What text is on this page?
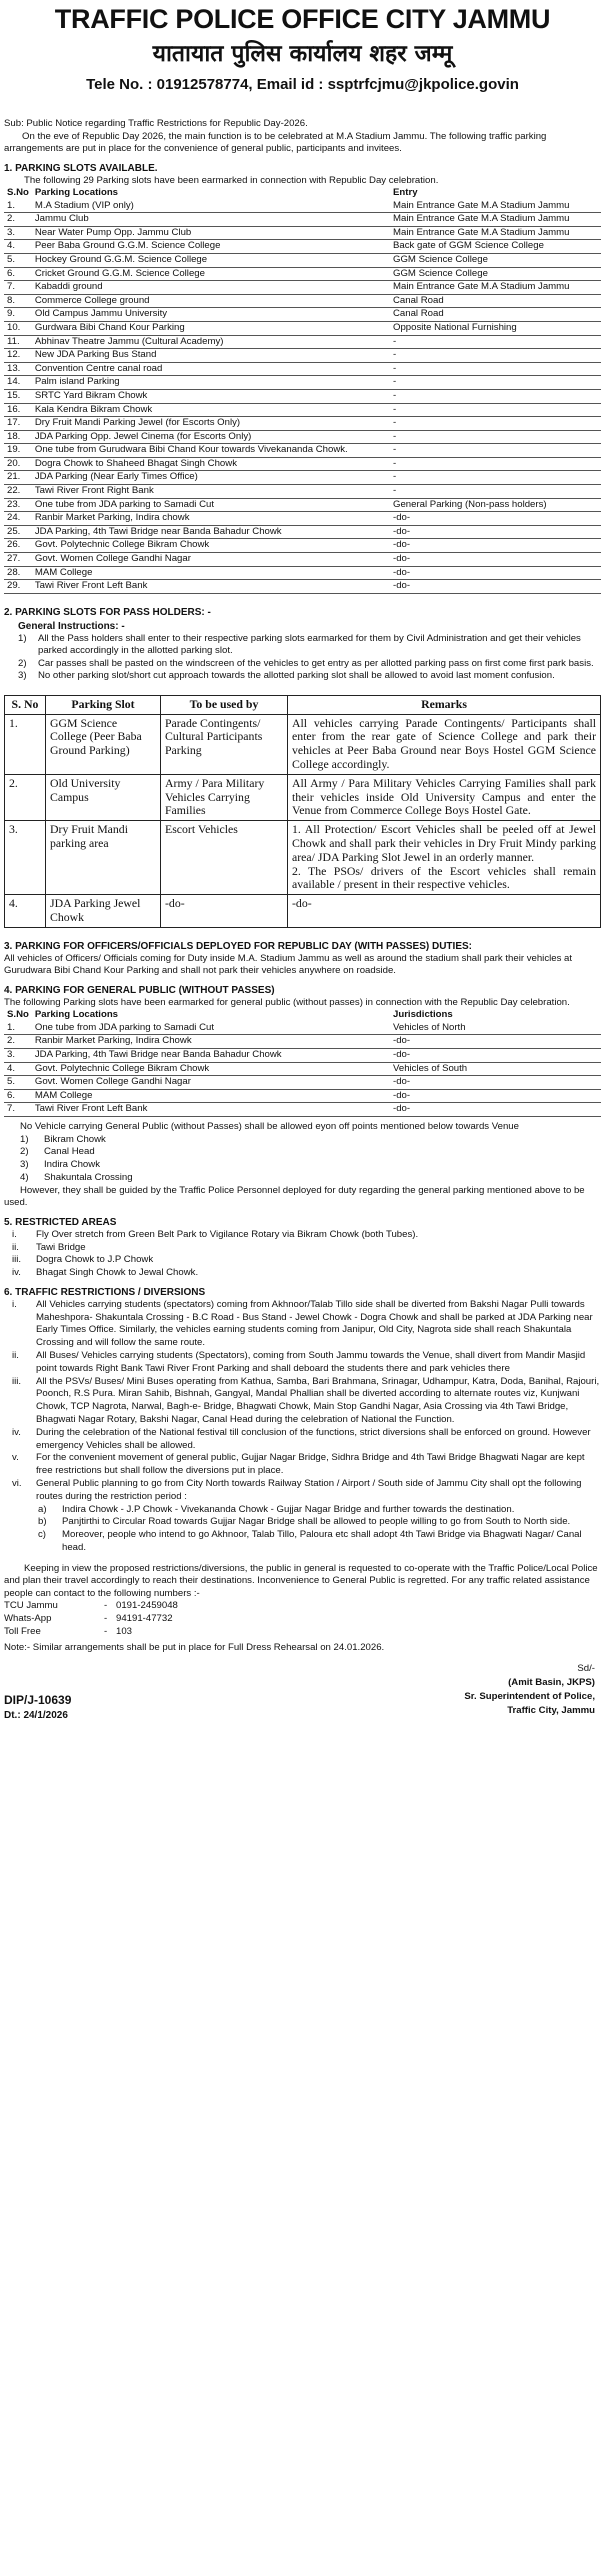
TRAFFIC POLICE OFFICE CITY JAMMU
यातायात पुलिस कार्यालय शहर जम्मू
Tele No. : 01912578774, Email id : ssptrfcjmu@jkpolice.govin
Sub: Public Notice regarding Traffic Restrictions for Republic Day-2026.
On the eve of Republic Day 2026, the main function is to be celebrated at M.A Stadium Jammu. The following traffic parking arrangements are put in place for the convenience of general public, participants and invitees.
1. PARKING SLOTS AVAILABLE.
The following 29 Parking slots have been earmarked in connection with Republic Day celebration.
S.No	Parking Locations	Entry
1.	M.A Stadium (VIP only)	Main Entrance Gate M.A Stadium Jammu
2.	Jammu Club	Main Entrance Gate M.A Stadium Jammu
3.	Near Water Pump Opp. Jammu Club	Main Entrance Gate M.A Stadium Jammu
4.	Peer Baba Ground G.G.M. Science College	Back gate of GGM Science College
5.	Hockey Ground G.G.M. Science College	GGM Science College
6.	Cricket Ground G.G.M. Science College	GGM Science College
7.	Kabaddi ground	Main Entrance Gate M.A Stadium Jammu
8.	Commerce College ground	Canal Road
9.	Old Campus Jammu University	Canal Road
10.	Gurdwara Bibi Chand Kour Parking	Opposite National Furnishing
11.	Abhinav Theatre Jammu (Cultural Academy)	-
12.	New JDA Parking Bus Stand	-
13.	Convention Centre canal road	-
14.	Palm island Parking	-
15.	SRTC Yard Bikram Chowk	-
16.	Kala Kendra Bikram Chowk	-
17.	Dry Fruit Mandi Parking Jewel (for Escorts Only)	-
18.	JDA Parking Opp. Jewel Cinema (for Escorts Only)	-
19.	One tube from Gurudwara Bibi Chand Kour towards Vivekananda Chowk.	-
20.	Dogra Chowk to Shaheed Bhagat Singh Chowk	-
21.	JDA Parking (Near Early Times Office)	-
22.	Tawi River Front Right Bank	-
23.	One tube from JDA parking to Samadi Cut	General Parking (Non-pass holders)
24.	Ranbir Market Parking, Indira chowk	-do-
25.	JDA Parking, 4th Tawi Bridge near Banda Bahadur Chowk	-do-
26.	Govt. Polytechnic College Bikram Chowk	-do-
27.	Govt. Women College Gandhi Nagar	-do-
28.	MAM College	-do-
29.	Tawi River Front Left Bank	-do-
2. PARKING SLOTS FOR PASS HOLDERS: -
General Instructions: -
1)	All the Pass holders shall enter to their respective parking slots earmarked for them by Civil Administration and get their vehicles parked accordingly in the allotted parking slot.
2)	Car passes shall be pasted on the windscreen of the vehicles to get entry as per allotted parking pass on first come first park basis.
3)	No other parking slot/short cut approach towards the allotted parking slot shall be allowed to avoid last moment confusion.
S. No	Parking Slot	To be used by	Remarks
1.	GGM Science College (Peer Baba Ground Parking)	Parade Contingents/ Cultural Participants Parking	All vehicles carrying Parade Contingents/ Participants shall enter from the rear gate of Science College and park their vehicles at Peer Baba Ground near Boys Hostel GGM Science College accordingly.
2.	Old University Campus	Army / Para Military Vehicles Carrying Families	All Army / Para Military Vehicles Carrying Families shall park their vehicles inside Old University Campus and enter the Venue from Commerce College Boys Hostel Gate.
3.	Dry Fruit Mandi parking area	Escort Vehicles	1. All Protection/ Escort Vehicles shall be peeled off at Jewel Chowk and shall park their vehicles in Dry Fruit Mindy parking area/ JDA Parking Slot Jewel in an orderly manner.
2. The PSOs/ drivers of the Escort vehicles shall remain available / present in their respective vehicles.
4.	JDA Parking Jewel Chowk	-do-	-do-
3. PARKING FOR OFFICERS/OFFICIALS DEPLOYED FOR REPUBLIC DAY (WITH PASSES) DUTIES:
All vehicles of Officers/ Officials coming for Duty inside M.A. Stadium Jammu as well as around the stadium shall park their vehicles at Gurudwara Bibi Chand Kour Parking and shall not park their vehicles anywhere on roadside.
4. PARKING FOR GENERAL PUBLIC (WITHOUT PASSES)
The following Parking slots have been earmarked for general public (without passes) in connection with the Republic Day celebration.
S.No	Parking Locations	Jurisdictions
1.	One tube from JDA parking to Samadi Cut	Vehicles of North
2.	Ranbir Market Parking, Indira Chowk	-do-
3.	JDA Parking, 4th Tawi Bridge near Banda Bahadur Chowk	-do-
4.	Govt. Polytechnic College Bikram Chowk	Vehicles of South
5.	Govt. Women College Gandhi Nagar	-do-
6.	MAM College	-do-
7.	Tawi River Front Left Bank	-do-
No Vehicle carrying General Public (without Passes) shall be allowed eyon off points mentioned below towards Venue
1)	Bikram Chowk
2)	Canal Head
3)	Indira Chowk
4)	Shakuntala Crossing
However, they shall be guided by the Traffic Police Personnel deployed for duty regarding the general parking mentioned above to be used.
5. RESTRICTED AREAS
i.	Fly Over stretch from Green Belt Park to Vigilance Rotary via Bikram Chowk (both Tubes).
ii.	Tawi Bridge
iii.	Dogra Chowk to J.P Chowk
iv.	Bhagat Singh Chowk to Jewal Chowk.
6. TRAFFIC RESTRICTIONS / DIVERSIONS
i.	All Vehicles carrying students (spectators) coming from Akhnoor/Talab Tillo side shall be diverted from Bakshi Nagar Pulli towards Maheshpora- Shakuntala Crossing - B.C Road - Bus Stand - Jewel Chowk - Dogra Chowk and shall be parked at JDA Parking near Early Times Office. Similarly, the vehicles earning students coming from Janipur, Old City, Nagrota side shall reach Shakuntala Crossing and will follow the same route.
ii.	All Buses/ Vehicles carrying students (Spectators), coming from South Jammu towards the Venue, shall divert from Mandir Masjid point towards Right Bank Tawi River Front Parking and shall deboard the students there and park vehicles there
iii.	All the PSVs/ Buses/ Mini Buses operating from Kathua, Samba, Bari Brahmana, Srinagar, Udhampur, Katra, Doda, Banihal, Rajouri, Poonch, R.S Pura. Miran Sahib, Bishnah, Gangyal, Mandal Phallian shall be diverted according to alternate routes viz, Kunjwani Chowk, TCP Nagrota, Narwal, Bagh-e- Bridge, Bhagwati Chowk, Main Stop Gandhi Nagar, Asia Crossing via 4th Tawi Bridge, Bhagwati Nagar Rotary, Bakshi Nagar, Canal Head during the celebration of National the Function.
iv.	During the celebration of the National festival till conclusion of the functions, strict diversions shall be enforced on ground. However emergency Vehicles shall be allowed.
v.	For the convenient movement of general public, Gujjar Nagar Bridge, Sidhra Bridge and 4th Tawi Bridge Bhagwati Nagar are kept free restrictions but shall follow the diversions put in place.
vi.	General Public planning to go from City North towards Railway Station / Airport / South side of Jammu City shall opt the following routes during the restriction period :
a)	Indira Chowk - J.P Chowk - Vivekananda Chowk - Gujjar Nagar Bridge and further towards the destination.
b)	Panjtirthi to Circular Road towards Gujjar Nagar Bridge shall be allowed to people willing to go from South to North side.
c)	Moreover, people who intend to go Akhnoor, Talab Tillo, Paloura etc shall adopt 4th Tawi Bridge via Bhagwati Nagar/ Canal head.
Keeping in view the proposed restrictions/diversions, the public in general is requested to co-operate with the Traffic Police/Local Police and plan their travel accordingly to reach their destinations. Inconvenience to General Public is regretted. For any traffic related assistance people can contact to the following numbers :-
TCU Jammu	- 0191-2459048
Whats-App	- 94191-47732
Toll Free	- 103
Note:- Similar arrangements shall be put in place for Full Dress Rehearsal on 24.01.2026.
Sd/-
(Amit Basin, JKPS)
Sr. Superintendent of Police,
Traffic City, Jammu
DIP/J-10639
Dt.: 24/1/2026
